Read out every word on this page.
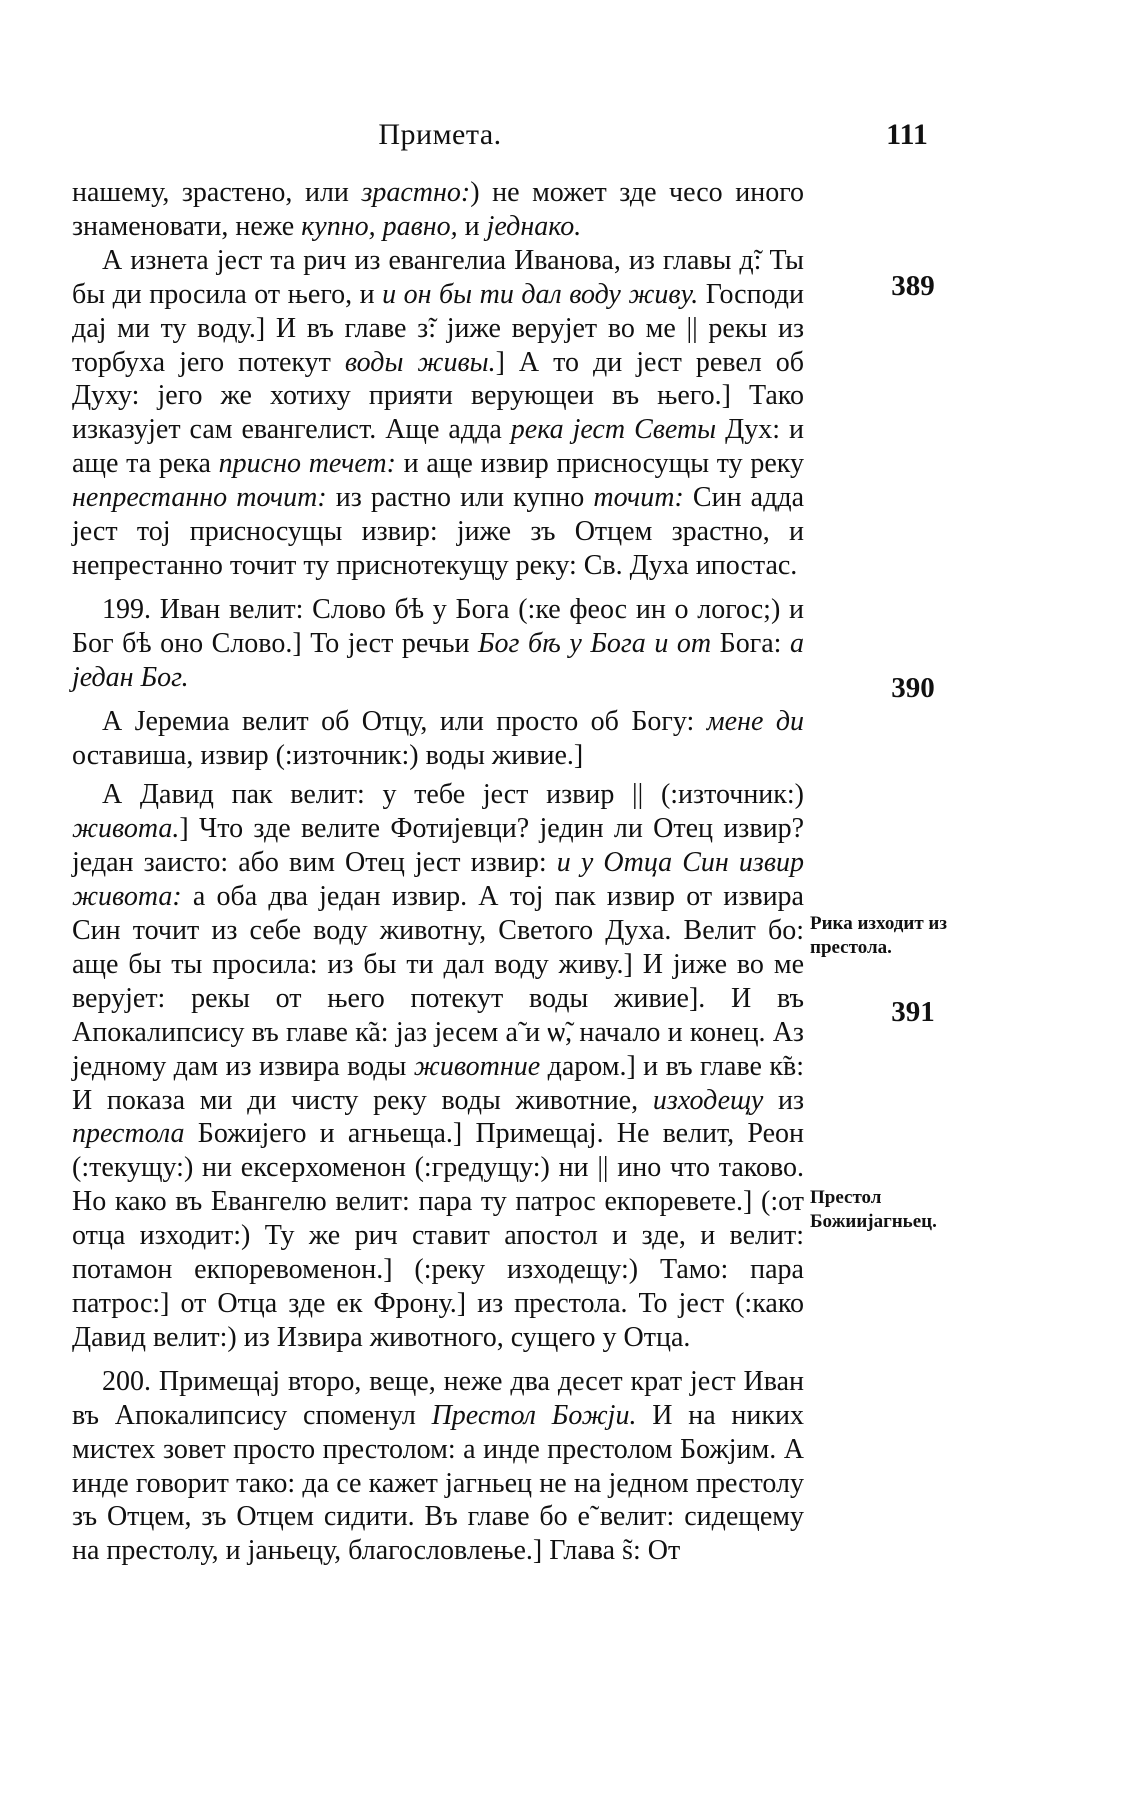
Примета.	111
389
390
391
Рика изходит из престола.
Престол Божиијагньец.

нашему, зрастено, или зрастно:) не может зде чесо иного знаменовати, неже купно, равно, и једнако.

А изнета јест та рич из евангелиа Иванова, из главы д̃: Ты бы ди просила от њего, и и он бы ти дал воду живу. Господи дај ми ту воду.] И въ главе з̃: јиже верујет во ме || рекы из торбуха јего потекут воды живы.] А то ди јест ревел об Духу: јего же хотиху прияти верующеи въ њего.] Тако изказујет сам евангелист. Аще адда река јест Светы Дух: и аще та река присно течет: и аще извир присносущы ту реку непрестанно точит: из растно или купно точит: Син адда јест тој присносущы извир: јиже зъ Отцем зрастно, и непрестанно точит ту приснотекущу реку: Св. Духа ипостас.

199. Иван велит: Слово бѣ у Бога (:ке феос ин о логос;) и Бог бѣ оно Слово.] То јест речьи Бог бѣ у Бога и от Бога: а један Бог.

А Јеремиа велит об Отцу, или просто об Богу: мене ди оставиша, извир (:източник:) воды живие.]

А Давид пак велит: у тебе јест извир || (:източник:) живота.] Что зде велите Фотијевци? једин ли Отец извир? један заисто: або вим Отец јест извир: и у Отца Син извир живота: а оба два један извир. А тој пак извир от извира Син точит из себе воду животну, Светого Духа. Велит бо: аще бы ты просила: из бы ти дал воду живу.] И јиже во ме верујет: рекы от њего потекут воды живие]. И въ Апокалипсису въ главе к̃а: јаз јесем а̃ и ѡ̃, начало и конец. Аз једному дам из извира воды животние даром.] и въ главе к̃в: И показа ми ди чисту реку воды животние, изходещу из престола Божијего и агньеща.] Примещај. Не велит, Реон (:текущу:) ни ексерхоменон (:гредущу:) ни || ино что таково. Но како въ Евангелю велит: пара ту патрос екпоревете.] (:от отца изходит:) Ту же рич ставит апостол и зде, и велит: потамон екпоревоменон.] (:реку изходещу:) Тамо: пара патрос:] от Отца зде ек Фрону.] из престола. То јест (:како Давид велит:) из Извира животного, сущего у Отца.

200. Примещај второ, веще, неже два десет крат јест Иван въ Апокалипсису споменул Престол Божји. И на никих мистех зовет просто престолом: а инде престолом Божјим. А инде говорит тако: да се кажет јагньец не на једном престолу зъ Отцем, зъ Отцем сидити. Въ главе бо е̃ велит: сидещему на престолу, и јаньецу, благословлење.] Глава s̃: От
